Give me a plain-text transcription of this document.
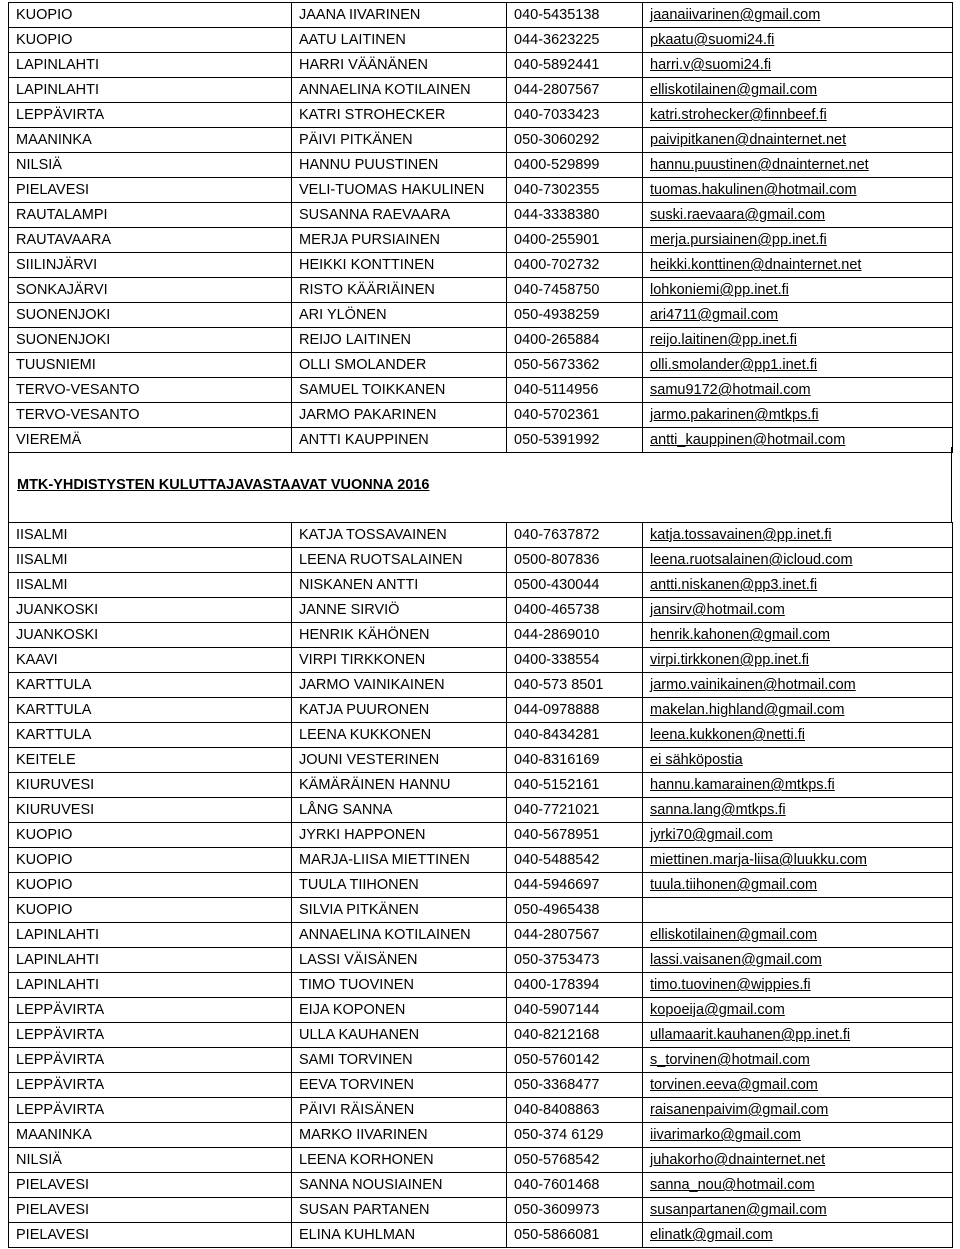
KUOPIO	JAANA IIVARINEN	040-5435138	jaanaiivarinen@gmail.com
KUOPIO	AATU LAITINEN	044-3623225	pkaatu@suomi24.fi
LAPINLAHTI	HARRI VÄÄNÄNEN	040-5892441	harri.v@suomi24.fi
LAPINLAHTI	ANNAELINA KOTILAINEN	044-2807567	elliskotilainen@gmail.com
LEPPÄVIRTA	KATRI STROHECKER	040-7033423	katri.strohecker@finnbeef.fi
MAANINKA	PÄIVI PITKÄNEN	050-3060292	paivipitkanen@dnainternet.net
NILSIÄ	HANNU PUUSTINEN	0400-529899	hannu.puustinen@dnainternet.net
PIELAVESI	VELI-TUOMAS HAKULINEN	040-7302355	tuomas.hakulinen@hotmail.com
RAUTALAMPI	SUSANNA RAEVAARA	044-3338380	suski.raevaara@gmail.com
RAUTAVAARA	MERJA PURSIAINEN	0400-255901	merja.pursiainen@pp.inet.fi
SIILINJÄRVI	HEIKKI KONTTINEN	0400-702732	heikki.konttinen@dnainternet.net
SONKAJÄRVI	RISTO KÄÄRIÄINEN	040-7458750	lohkoniemi@pp.inet.fi
SUONENJOKI	ARI YLÖNEN	050-4938259	ari4711@gmail.com
SUONENJOKI	REIJO LAITINEN	0400-265884	reijo.laitinen@pp.inet.fi
TUUSNIEMI	OLLI SMOLANDER	050-5673362	olli.smolander@pp1.inet.fi
TERVO-VESANTO	SAMUEL TOIKKANEN	040-5114956	samu9172@hotmail.com
TERVO-VESANTO	JARMO PAKARINEN	040-5702361	jarmo.pakarinen@mtkps.fi
VIEREMÄ	ANTTI KAUPPINEN	050-5391992	antti_kauppinen@hotmail.com
MTK-YHDISTYSTEN KULUTTAJAVASTAAVAT VUONNA 2016
IISALMI	KATJA TOSSAVAINEN	040-7637872	katja.tossavainen@pp.inet.fi
IISALMI	LEENA RUOTSALAINEN	0500-807836	leena.ruotsalainen@icloud.com
IISALMI	NISKANEN ANTTI	0500-430044	antti.niskanen@pp3.inet.fi
JUANKOSKI	JANNE SIRVIÖ	0400-465738	jansirv@hotmail.com
JUANKOSKI	HENRIK KÄHÖNEN	044-2869010	henrik.kahonen@gmail.com
KAAVI	VIRPI TIRKKONEN	0400-338554	virpi.tirkkonen@pp.inet.fi
KARTTULA	JARMO VAINIKAINEN	040-573 8501	jarmo.vainikainen@hotmail.com
KARTTULA	KATJA PUURONEN	044-0978888	makelan.highland@gmail.com
KARTTULA	LEENA KUKKONEN	040-8434281	leena.kukkonen@netti.fi
KEITELE	JOUNI VESTERINEN	040-8316169	ei sähköpostia
KIURUVESI	KÄMÄRÄINEN HANNU	040-5152161	hannu.kamarainen@mtkps.fi
KIURUVESI	LÅNG SANNA	040-7721021	sanna.lang@mtkps.fi
KUOPIO	JYRKI HAPPONEN	040-5678951	jyrki70@gmail.com
KUOPIO	MARJA-LIISA MIETTINEN	040-5488542	miettinen.marja-liisa@luukku.com
KUOPIO	TUULA TIIHONEN	044-5946697	tuula.tiihonen@gmail.com
KUOPIO	SILVIA PITKÄNEN	050-4965438	
LAPINLAHTI	ANNAELINA KOTILAINEN	044-2807567	elliskotilainen@gmail.com
LAPINLAHTI	LASSI VÄISÄNEN	050-3753473	lassi.vaisanen@gmail.com
LAPINLAHTI	TIMO TUOVINEN	0400-178394	timo.tuovinen@wippies.fi
LEPPÄVIRTA	EIJA KOPONEN	040-5907144	kopoeija@gmail.com
LEPPÄVIRTA	ULLA KAUHANEN	040-8212168	ullamaarit.kauhanen@pp.inet.fi
LEPPÄVIRTA	SAMI TORVINEN	050-5760142	s_torvinen@hotmail.com
LEPPÄVIRTA	EEVA TORVINEN	050-3368477	torvinen.eeva@gmail.com
LEPPÄVIRTA	PÄIVI RÄISÄNEN	040-8408863	raisanenpaivim@gmail.com
MAANINKA	MARKO IIVARINEN	050-374 6129	iivarimarko@gmail.com
NILSIÄ	LEENA KORHONEN	050-5768542	juhakorho@dnainternet.net
PIELAVESI	SANNA NOUSIAINEN	040-7601468	sanna_nou@hotmail.com
PIELAVESI	SUSAN PARTANEN	050-3609973	susanpartanen@gmail.com
PIELAVESI	ELINA KUHLMAN	050-5866081	elinatk@gmail.com
